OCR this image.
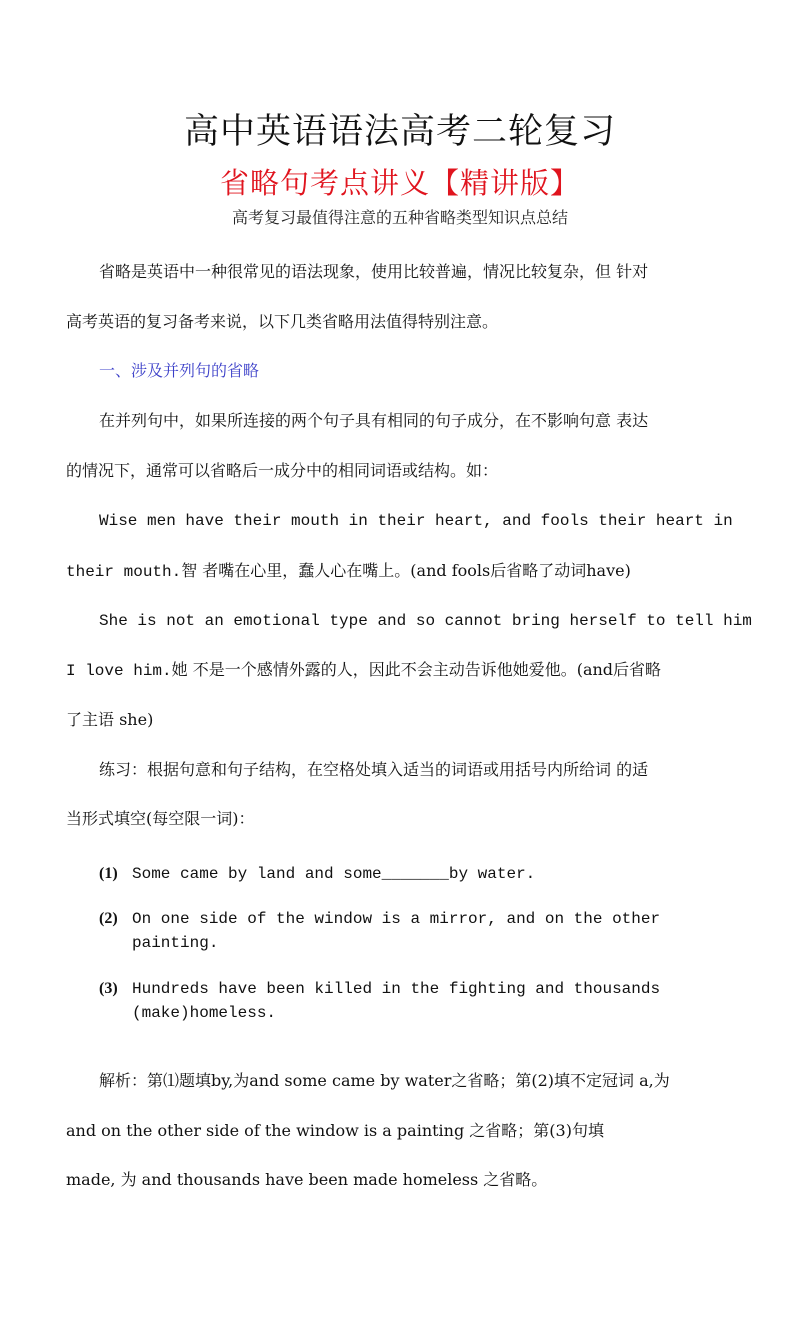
高中英语语法高考二轮复习
省略句考点讲义【精讲版】
高考复习最值得注意的五种省略类型知识点总结
省略是英语中一种很常见的语法现象，使用比较普遍，情况比较复杂，但 针对
高考英语的复习备考来说，以下几类省略用法值得特别注意。
一、涉及并列句的省略
在并列句中，如果所连接的两个句子具有相同的句子成分，在不影响句意 表达
的情况下，通常可以省略后一成分中的相同词语或结构。如：
Wise men have their mouth in their heart, and fools their heart in
their mouth.智 者嘴在心里，蠢人心在嘴上。(and fools后省略了动词have)
She is not an emotional type and so cannot bring herself to tell him
I love him.她 不是一个感情外露的人，因此不会主动告诉他她爱他。(and后省略
了主语 she)
练习：根据句意和句子结构，在空格处填入适当的词语或用括号内所给词 的适
当形式填空(每空限一词)：
(1) Some came by land and some_______by water.
(2) On one side of the window is a mirror, and on the other
painting.
(3) Hundreds have been killed in the fighting and thousands
(make)homeless.
解析：第⑴题填by,为and some came by water之省略；第(2)填不定冠词 a,为
and on the other side of the window is a painting 之省略；第(3)句填
made, 为 and thousands have been made homeless 之省略。
